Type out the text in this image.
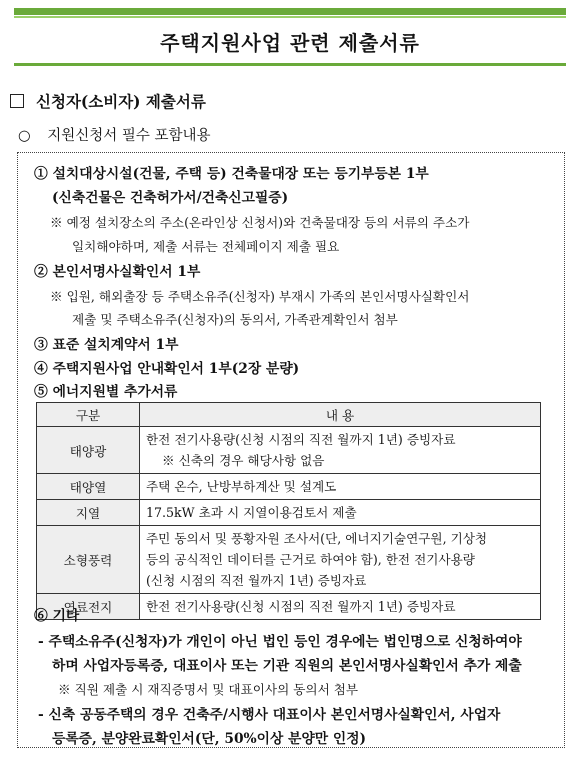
주택지원사업 관련 제출서류
신청자(소비자) 제출서류
○ 지원신청서 필수 포함내용
① 설치대상시설(건물, 주택 등) 건축물대장 또는 등기부등본 1부
(신축건물은 건축허가서/건축신고필증)
※ 예정 설치장소의 주소(온라인상 신청서)와 건축물대장 등의 서류의 주소가
일치해야하며, 제출 서류는 전체페이지 제출 필요
② 본인서명사실확인서 1부
※ 입원, 해외출장 등 주택소유주(신청자) 부재시 가족의 본인서명사실확인서
제출 및 주택소유주(신청자)의 동의서, 가족관계확인서 첨부
③ 표준 설치계약서 1부
④ 주택지원사업 안내확인서 1부(2장 분량)
⑤ 에너지원별 추가서류
구분	내 용
태양광	한전 전기사용량(신청 시점의 직전 월까지 1년) 증빙자료
※ 신축의 경우 해당사항 없음

태양열	주택 온수, 난방부하계산 및 설계도
지열	17.5kW 초과 시 지열이용검토서 제출
소형풍력	주민 동의서 및 풍황자원 조사서(단, 에너지기술연구원, 기상청
등의 공식적인 데이터를 근거로 하여야 함), 한전 전기사용량
(신청 시점의 직전 월까지 1년) 증빙자료

연료전지	한전 전기사용량(신청 시점의 직전 월까지 1년) 증빙자료
⑥ 기타
- 주택소유주(신청자)가 개인이 아닌 법인 등인 경우에는 법인명으로 신청하여야
하며 사업자등록증, 대표이사 또는 기관 직원의 본인서명사실확인서 추가 제출
※ 직원 제출 시 재직증명서 및 대표이사의 동의서 첨부
- 신축 공동주택의 경우 건축주/시행사 대표이사 본인서명사실확인서, 사업자
등록증, 분양완료확인서(단, 50%이상 분양만 인정)
